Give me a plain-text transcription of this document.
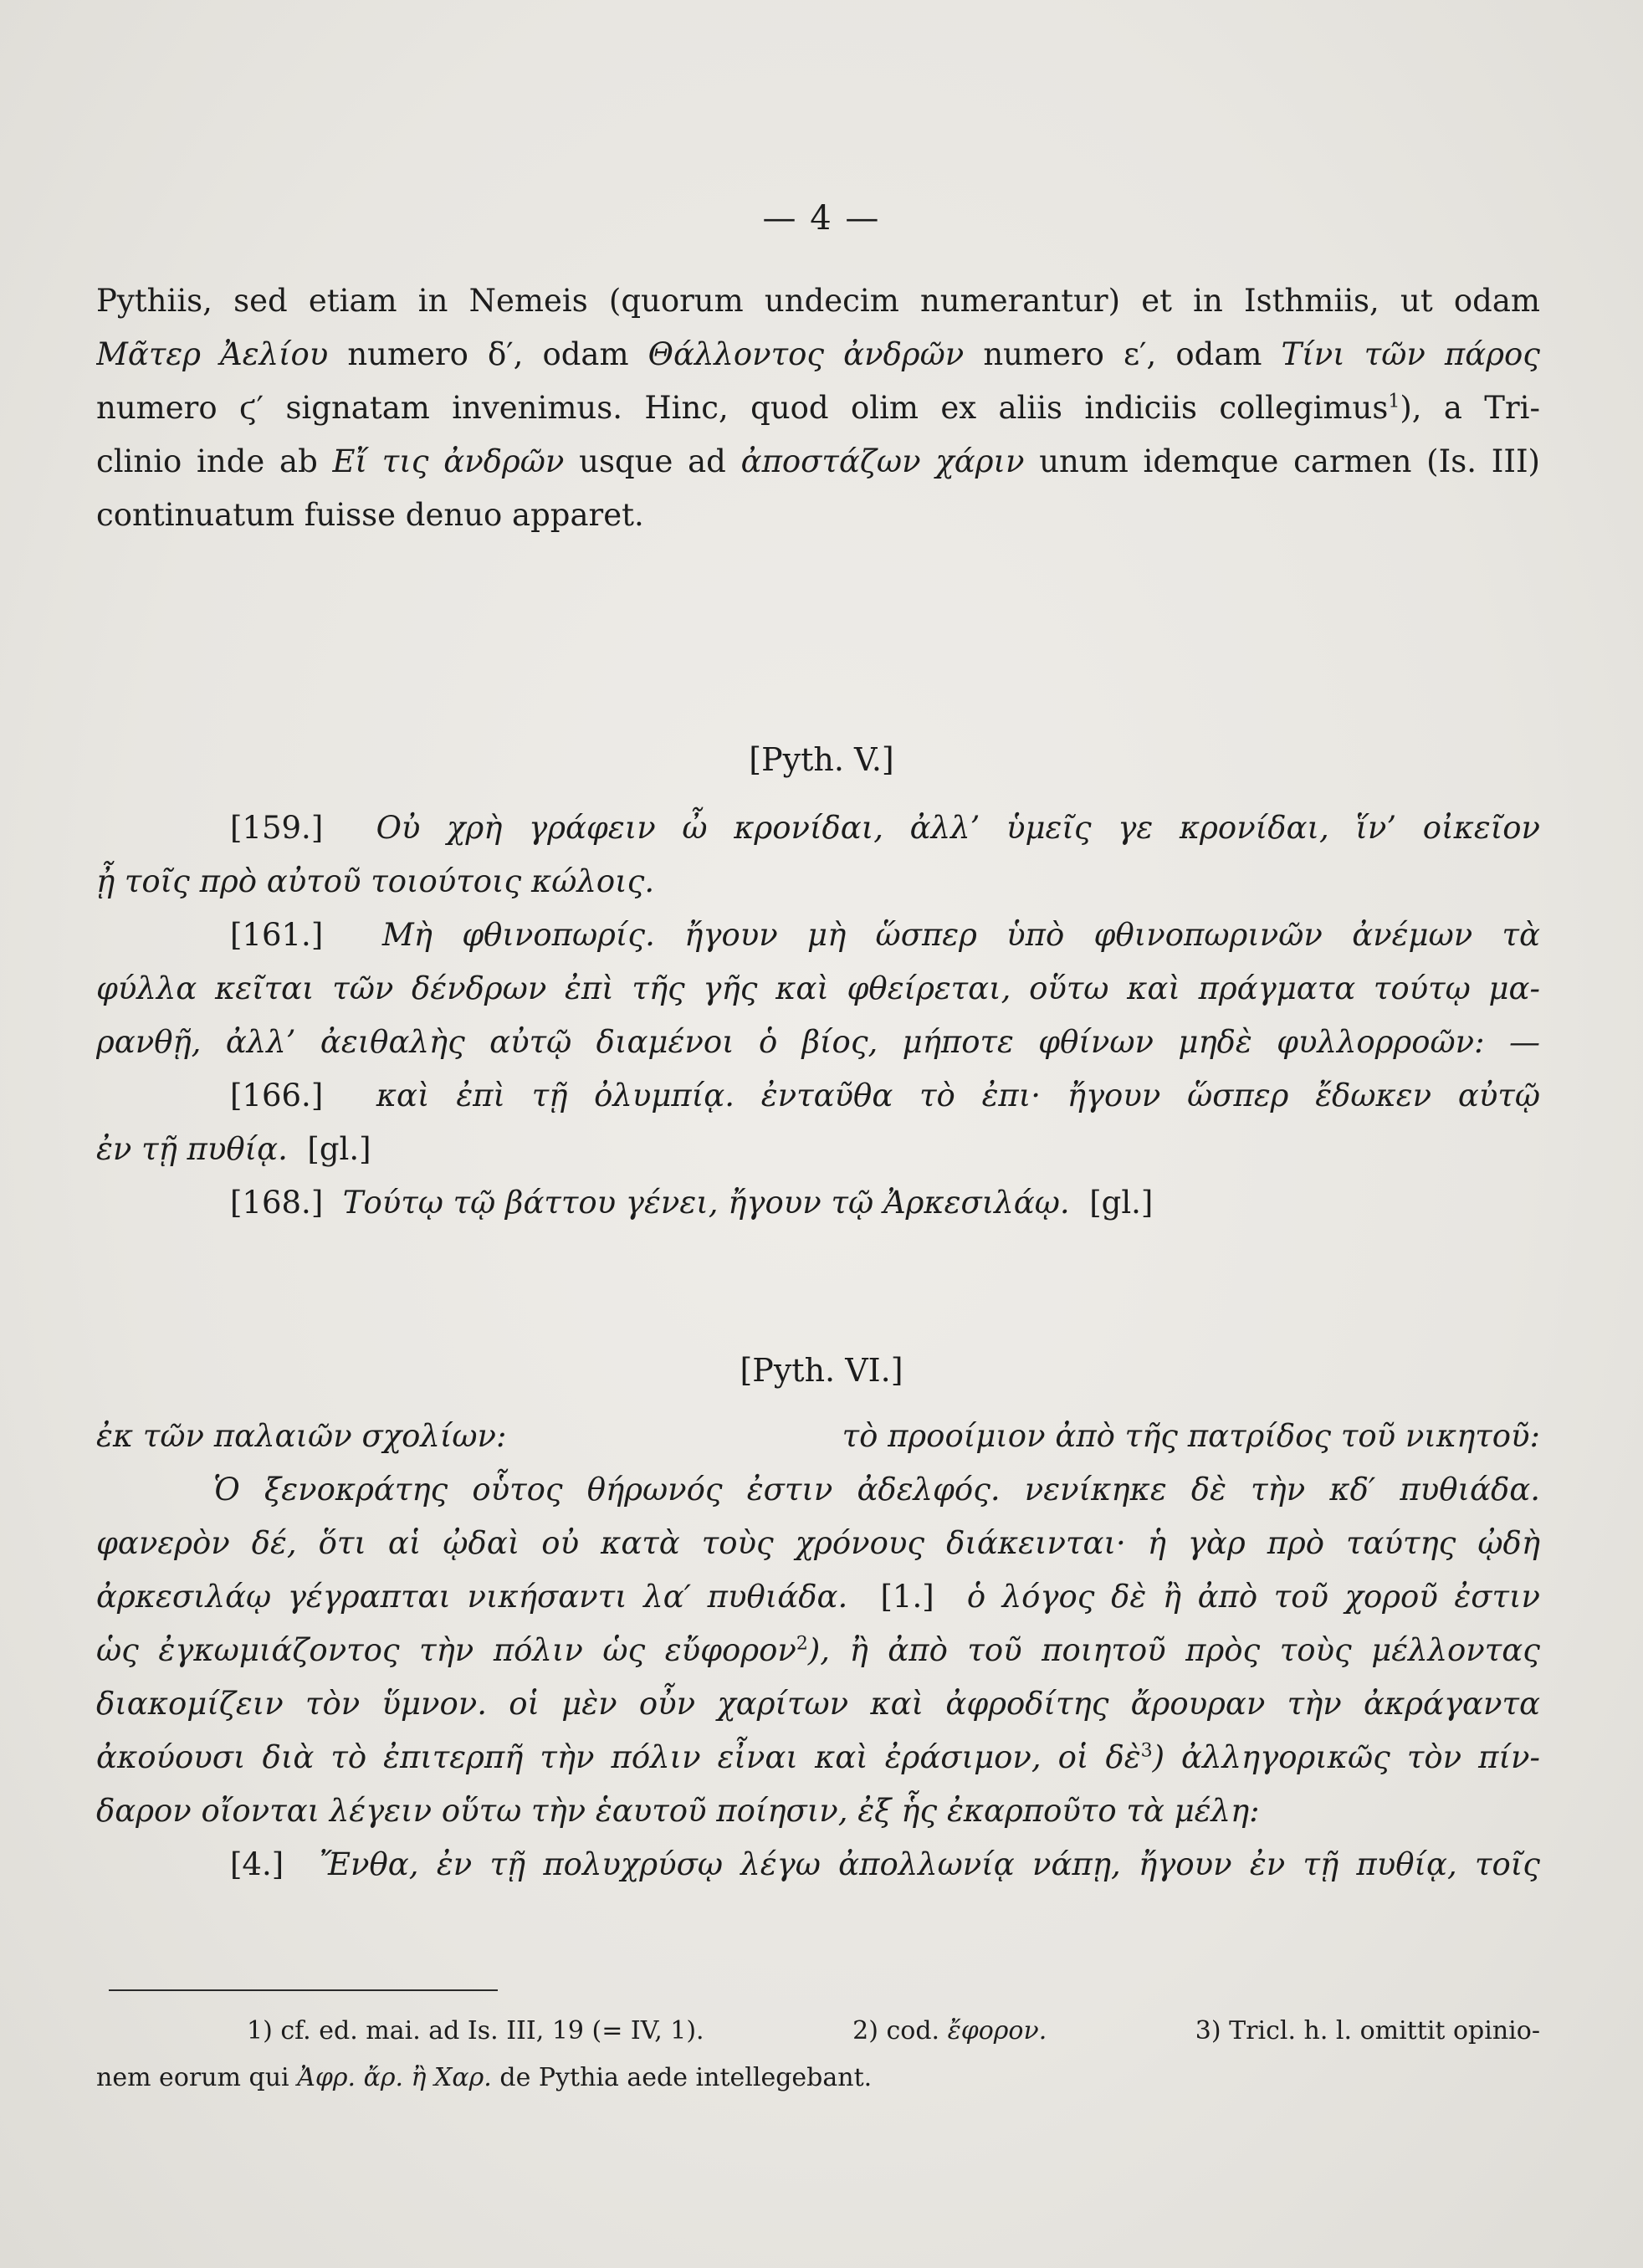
— 4 —
Pythiis, sed etiam in Nemeis (quorum undecim numerantur) et in Isthmiis, ut odam
Μᾶτερ Ἀελίου numero δ′, odam Θάλλοντος ἀνδρῶν numero ε′, odam Τίνι τῶν πάρος
numero ϛ′ signatam invenimus. Hinc, quod olim ex aliis indiciis collegimus$^1$), a Tri-
clinio inde ab Εἴ τις ἀνδρῶν usque ad ἀποστάζων χάριν unum idemque carmen (Is. III)
continuatum fuisse denuo apparet.
[Pyth. V.]
[159.] Οὐ χρὴ γράφειν ὦ κρονίδαι, ἀλλ’ ὑμεῖς γε κρονίδαι, ἵν’ οἰκεῖον
ᾖ τοῖς πρὸ αὐτοῦ τοιούτοις κώλοις.
[161.] Μὴ φθινοπωρίς. ἤγουν μὴ ὥσπερ ὑπὸ φθινοπωρινῶν ἀνέμων τὰ
φύλλα κεῖται τῶν δένδρων ἐπὶ τῆς γῆς καὶ φθείρεται, οὕτω καὶ πράγματα τούτῳ μα-
ρανθῇ, ἀλλ’ ἀειθαλὴς αὐτῷ διαμένοι ὁ βίος, μήποτε φθίνων μηδὲ φυλλορροῶν: —
[166.] καὶ ἐπὶ τῇ ὀλυμπίᾳ. ἐνταῦθα τὸ ἐπι· ἤγουν ὥσπερ ἔδωκεν αὐτῷ
ἐν τῇ πυθίᾳ. [gl.]
[168.] Τούτῳ τῷ βάττου γένει, ἤγουν τῷ Ἀρκεσιλάῳ. [gl.]
[Pyth. VI.]
ἐκ τῶν παλαιῶν σχολίων:	τὸ προοίμιον ἀπὸ τῆς πατρίδος τοῦ νικητοῦ:
Ὁ ξενοκράτης οὗτος θήρωνός ἐστιν ἀδελφός. νενίκηκε δὲ τὴν κδ′ πυθιάδα.
φανερὸν δέ, ὅτι αἱ ᾠδαὶ οὐ κατὰ τοὺς χρόνους διάκεινται· ἡ γὰρ πρὸ ταύτης ᾠδὴ
ἀρκεσιλάῳ γέγραπται νικήσαντι λα′ πυθιάδα. [1.] ὁ λόγος δὲ ἢ ἀπὸ τοῦ χοροῦ ἐστιν
ὡς ἐγκωμιάζοντος τὴν πόλιν ὡς εὔφορον$^2$), ἢ ἀπὸ τοῦ ποιητοῦ πρὸς τοὺς μέλλοντας
διακομίζειν τὸν ὕμνον. οἱ μὲν οὖν χαρίτων καὶ ἀφροδίτης ἄρουραν τὴν ἀκράγαντα
ἀκούουσι διὰ τὸ ἐπιτερπῆ τὴν πόλιν εἶναι καὶ ἐράσιμον, οἱ δὲ$^3$) ἀλληγορικῶς τὸν πίν-
δαρον οἴονται λέγειν οὕτω τὴν ἑαυτοῦ ποίησιν, ἐξ ἧς ἐκαρποῦτο τὰ μέλη:
[4.] Ἔνθα, ἐν τῇ πολυχρύσῳ λέγω ἀπολλωνίᾳ νάπῃ, ἤγουν ἐν τῇ πυθίᾳ, τοῖς
1) cf. ed. mai. ad Is. III, 19 (= IV, 1).	2) cod. ἔφορον.	3) Tricl. h. l. omittit opinio-
nem eorum qui Ἀφρ. ἄρ. ἢ Χαρ. de Pythia aede intellegebant.
